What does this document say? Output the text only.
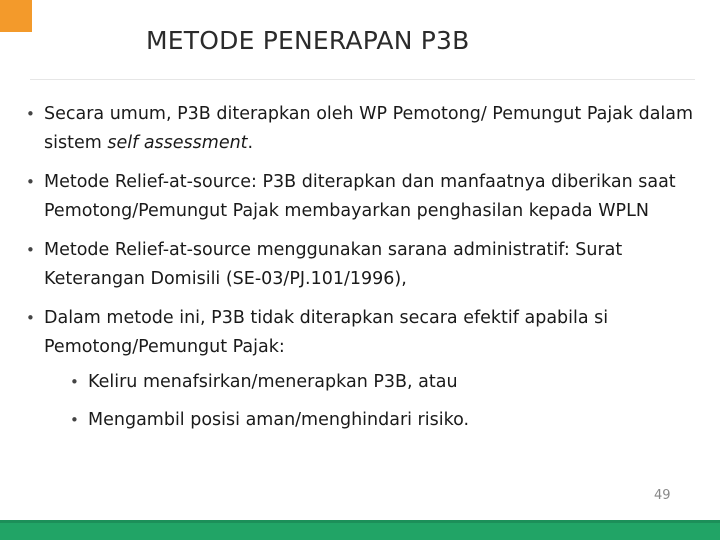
METODE PENERAPAN P3B
• Secara umum, P3B diterapkan oleh WP Pemotong/ Pemungut Pajak dalam sistem self assessment.
• Metode Relief-at-source: P3B diterapkan dan manfaatnya diberikan saat Pemotong/Pemungut Pajak membayarkan penghasilan kepada WPLN
• Metode Relief-at-source menggunakan sarana administratif: Surat Keterangan Domisili (SE-03/PJ.101/1996),
• Dalam metode ini, P3B tidak diterapkan secara efektif apabila si Pemotong/Pemungut Pajak:
• Keliru menafsirkan/menerapkan P3B, atau
• Mengambil posisi aman/menghindari risiko.
49
